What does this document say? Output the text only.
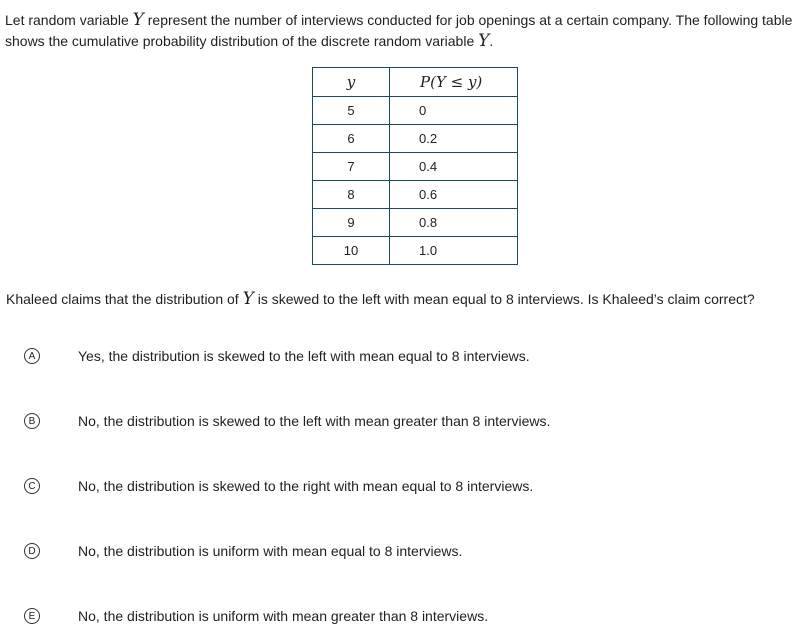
Let random variable Y represent the number of interviews conducted for job openings at a certain company. The following table shows the cumulative probability distribution of the discrete random variable Y.
y	P(Y ≤ y)
5	0
6	0.2
7	0.4
8	0.6
9	0.8
10	1.0
Khaleed claims that the distribution of Y is skewed to the left with mean equal to 8 interviews. Is Khaleed’s claim correct?
A	Yes, the distribution is skewed to the left with mean equal to 8 interviews.
B	No, the distribution is skewed to the left with mean greater than 8 interviews.
C	No, the distribution is skewed to the right with mean equal to 8 interviews.
D	No, the distribution is uniform with mean equal to 8 interviews.
E	No, the distribution is uniform with mean greater than 8 interviews.
